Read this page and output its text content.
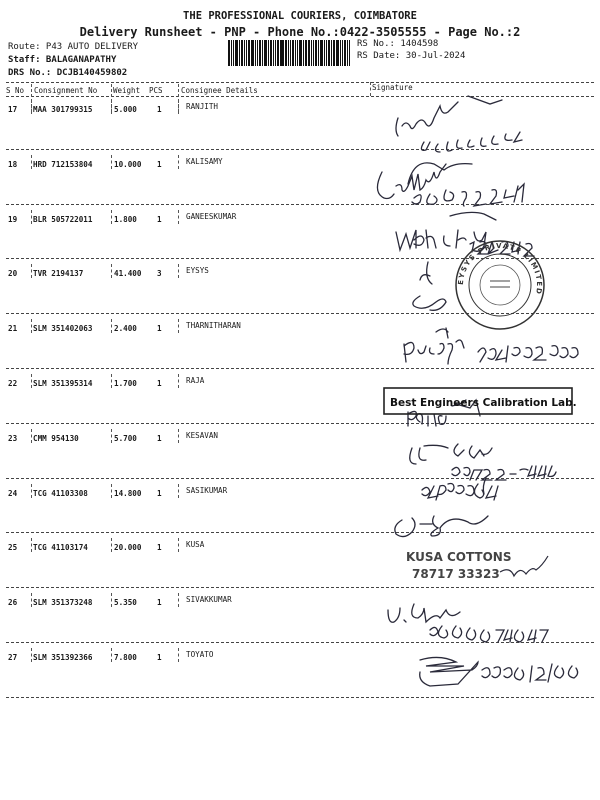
THE PROFESSIONAL COURIERS, COIMBATORE
Delivery Runsheet - PNP - Phone No.:0422-3505555 - Page No.:2
Route: P43 AUTO DELIVERY
Staff: BALAGANAPATHY
DRS No.: DCJB140459802
RS No.: 1404598
RS Date: 30-Jul-2024
S No Consignment No Weight PCS Consignee Details	Signature
17 MAA 301799315	5.000	1	RANJITH
18 HRD 712153804	10.000 1	KALISAMY
19 BLR 505722011	1.800	1	GANEESKUMAR
20 TVR 2194137	41.400 3	EYSYS
21 SLM 351402063	2.400	1	THARNITHARAN
22 SLM 351395314	1.700	1	RAJA
23 CMM 954130	5.700	1	KESAVAN
24 TCG 41103308	14.800 1	SASIKUMAR
25 TCG 41103174	20.000 1	KUSA
26 SLM 351373248	5.350	1	SIVAKKUMAR
27 SLM 351392366	7.800	1	TOYATO
EYSYS PRIVATE LIMITED
Best Engineers Calibration Lab.
KUSA COTTONS
78717 33323
